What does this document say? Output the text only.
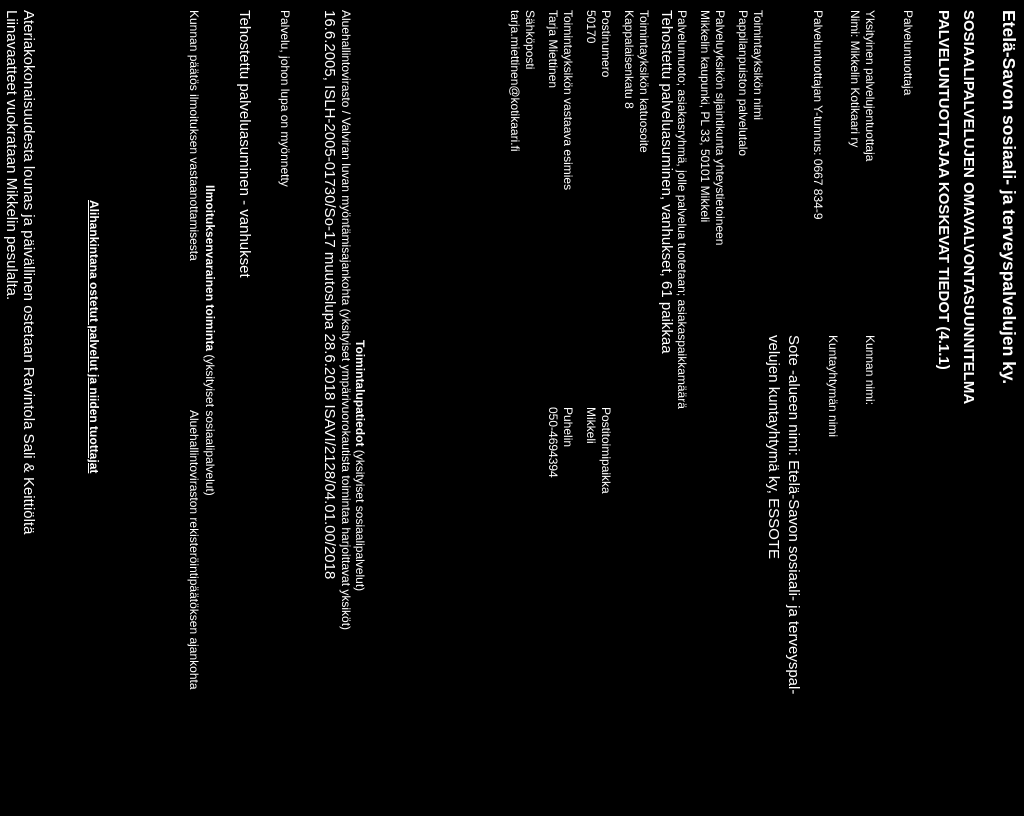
Etelä-Savon sosiaali- ja terveyspalvelujen ky.
SOSIAALIPALVELUJEN OMAVALVONTASUUNNITELMA
PALVELUNTUOTTAJAA KOSKEVAT TIEDOT (4.1.1)
Palveluntuottaja
Yksityinen palvelujentuottaja
Nimi: Mikkelin Kotikaari ry
Kunnan nimi:
Kuntayhtymän nimi
Palveluntuottajan Y-tunnus: 0667 834-9
Sote -alueen nimi: Etelä-Savon sosiaali- ja terveyspal-
velujen kuntayhtymä ky, ESSOTE
Toimintayksikön nimi
Pappilanpuiston palvelutalo
Palveluyksikön sijaintikunta yhteystietoineen
Mikkelin kaupunki, PL 33, 50101 Mikkeli
Palvelumuoto; asiakasryhmä, jolle palvelua tuotetaan; asiakaspaikkamäärä
Tehostettu palveluasuminen, vanhukset, 61 paikkaa
Toimintayksikön katuosoite
Kappalaisenkatu 8
Postinumero
50170
Postitoimipaikka
Mikkeli
Toimintayksikön vastaava esimies
Tarja Miettinen
Puhelin
050-4694394
Sähköposti
tarja.miettinen@kotikaari.fi
Toimintalupatiedot (yksityiset sosiaalipalvelut)
Aluehallintovirasto / Valviran luvan myöntämisajankohta (yksityiset ympärivuorokautista toimintaa harjoittavat yksiköt)
16.6.2005, ISLH-2005-01730/So-17 muutoslupa 28.6.2018 ISAVI/2128/04.01.00/2018
Palvelu, johon lupa on myönnetty
Tehostettu palveluasuminen - vanhukset
Ilmoituksenvarainen toiminta (yksityiset sosiaalipalvelut)
Kunnan päätös ilmoituksen vastaanottamisesta
Aluehallintoviraston rekisteröintipäätöksen ajankohta
Alihankintana ostetut palvelut ja niiden tuottajat
Ateriakokonaisuudesta lounas ja päivällinen ostetaan Ravintola Sali & Keittiöltä
Liinavaatteet vuokrataan Mikkelin pesulalta.
